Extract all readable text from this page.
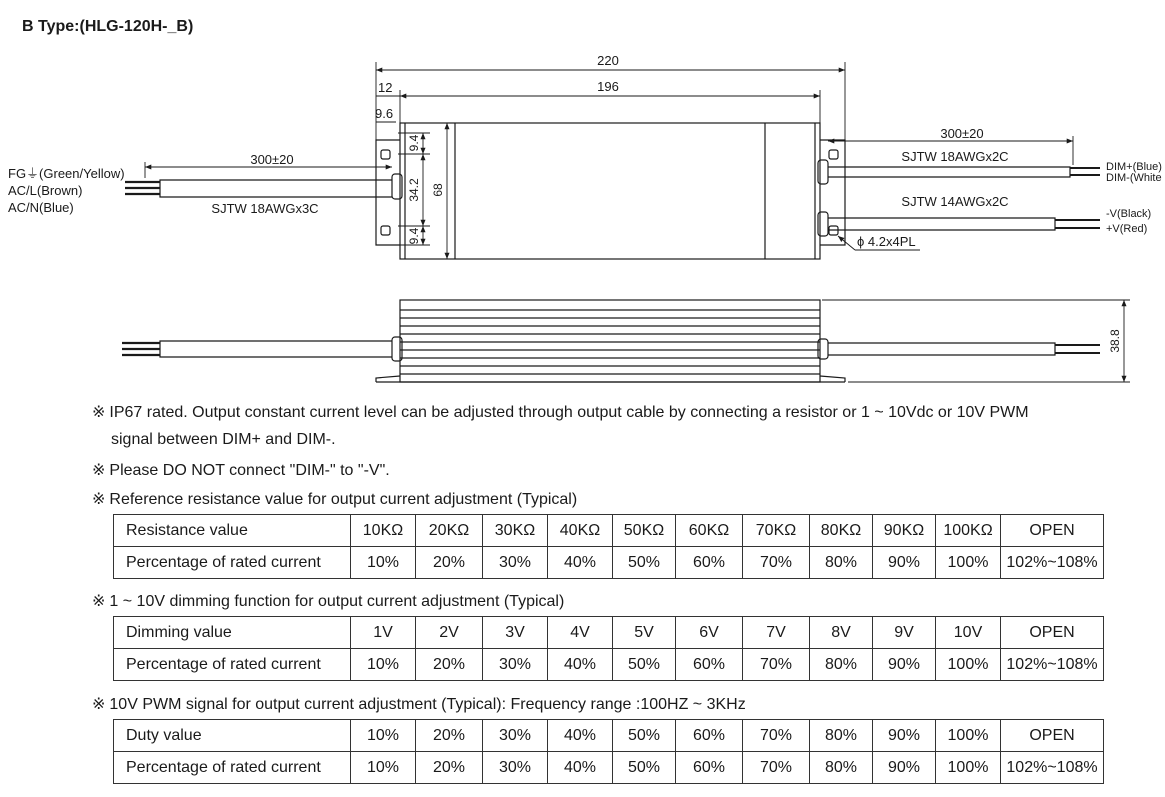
B Type:(HLG-120H-_B)
220
196
12
9.6
9.4
34.2
9.4
68
300±20
SJTW 18AWGx3C
300±20
SJTW 18AWGx2C
SJTW 14AWGx2C
ϕ 4.2x4PL
FG⏚(Green/Yellow)
AC/L(Brown)
AC/N(Blue)
DIM+(Blue)
DIM-(White
-V(Black)
+V(Red)
38.8
※ IP67 rated. Output constant current level can be adjusted through output cable by connecting a resistor or 1 ~ 10Vdc or 10V PWM
signal between DIM+ and DIM-.
※ Please DO NOT connect "DIM-" to "-V".
※ Reference resistance value for output current adjustment (Typical)
Resistance value	10KΩ	20KΩ	30KΩ	40KΩ	50KΩ	60KΩ	70KΩ	80KΩ	90KΩ	100KΩ	OPEN
Percentage of rated current	10%	20%	30%	40%	50%	60%	70%	80%	90%	100%	102%~108%
※ 1 ~ 10V dimming function for output current adjustment (Typical)
Dimming value	1V	2V	3V	4V	5V	6V	7V	8V	9V	10V	OPEN
Percentage of rated current	10%	20%	30%	40%	50%	60%	70%	80%	90%	100%	102%~108%
※ 10V PWM signal for output current adjustment (Typical): Frequency range :100HZ ~ 3KHz
Duty value	10%	20%	30%	40%	50%	60%	70%	80%	90%	100%	OPEN
Percentage of rated current	10%	20%	30%	40%	50%	60%	70%	80%	90%	100%	102%~108%
